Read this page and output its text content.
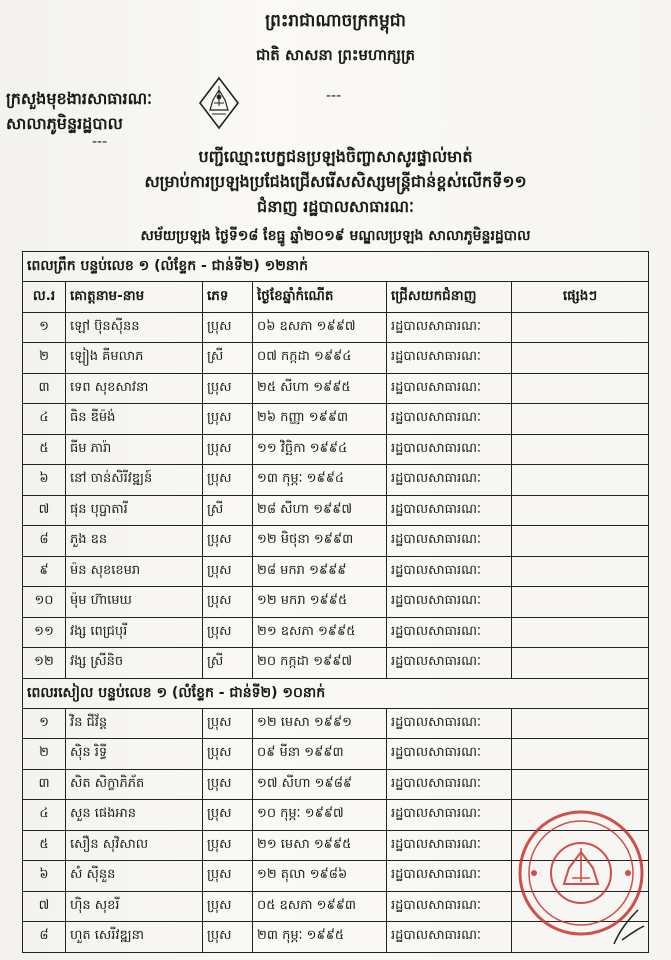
ព្រះរាជាណាចក្រកម្ពុជា
ជាតិ សាសនា ព្រះមហាក្សត្រ
ក្រសួងមុខងារសាធារណៈ
សាលាភូមិន្ទរដ្ឋបាល
---
---
បញ្ជីឈ្មោះបេក្ខជនប្រឡងចិញ្ចាសាសូរផ្ទាល់មាត់
សម្រាប់ការប្រឡងប្រជែងជ្រើសរើសសិស្សមន្ត្រីជាន់ខ្ពស់លើកទី១១
ជំនាញ រដ្ឋបាលសាធារណៈ
សម័យប្រឡង ថ្ងៃទី១៨ ខែធ្នូ ឆ្នាំ២០១៩ មណ្ឌលប្រឡង សាលាភូមិន្ទរដ្ឋបាល
ពេលព្រឹក បន្ទប់លេខ ១ (លំខ្ទែក - ជាន់ទី២) ១២នាក់					
ល.រ	គោត្តនាម-នាម	ភេទ	ថ្ងៃខែឆ្នាំកំណើត	ជ្រើសយកជំនាញ	ផ្សេងៗ
១	ឡៅ ប៊ុនស៊ីនន	ប្រុស	០៦ ឧសភា ១៩៩៧	រដ្ឋបាលសាធារណៈ	
២	ឡៀង គីមលាភ	ស្រី	០៧ កក្កដា ១៩៩៤	រដ្ឋបាលសាធារណៈ	
៣	ទេព សុខសាវនា	ប្រុស	២៥ សីហា ១៩៩៥	រដ្ឋបាលសាធារណៈ	
៤	ធិន ឌីម៉ង់	ប្រុស	២៦ កញ្ញា ១៩៩៣	រដ្ឋបាលសាធារណៈ	
៥	ធីម ភារ៉ា	ប្រុស	១១ វិច្ឆិកា ១៩៩៤	រដ្ឋបាលសាធារណៈ	
៦	នៅ ចាន់សិរីវឌ្ឍន៍	ប្រុស	១៣ កុម្ភៈ ១៩៩៤	រដ្ឋបាលសាធារណៈ	
៧	ផុន បុប្ផាតារី	ស្រី	២៨ សីហា ១៩៩៧	រដ្ឋបាលសាធារណៈ	
៨	ភួង ឧន	ប្រុស	១២ មិថុនា ១៩៩៣	រដ្ឋបាលសាធារណៈ	
៩	ម៉ន សុខខេមរា	ប្រុស	២៨ មករា ១៩៩៩	រដ្ឋបាលសាធារណៈ	
១០	ម៉ុម ហ៊ាមេឃ	ប្រុស	១២ មករា ១៩៩៥	រដ្ឋបាលសាធារណៈ	
១១	វង្ស ពេជ្របុរី	ប្រុស	២១ ឧសភា ១៩៩៥	រដ្ឋបាលសាធារណៈ	
១២	វង្ស ស្រីនិច	ស្រី	២០ កក្កដា ១៩៩៧	រដ្ឋបាលសាធារណៈ	
ពេលរសៀល បន្ទប់លេខ ១ (លំខ្ទែក - ជាន់ទី២) ១០នាក់					
១	វិន ជីវ័ន្ត	ប្រុស	១២ មេសា ១៩៩១	រដ្ឋបាលសាធារណៈ	
២	ស៊ិន រិទ្ធី	ប្រុស	០៩ មីនា ១៩៩៣	រដ្ឋបាលសាធារណៈ	
៣	សិត សិក្ខាភិភ័ត	ប្រុស	១៧ សីហា ១៩៨៩	រដ្ឋបាលសាធារណៈ	
៤	សួន ផេងអាន	ប្រុស	១០ កុម្ភៈ ១៩៩៧	រដ្ឋបាលសាធារណៈ	
៥	សឿន សុវិសាល	ប្រុស	២១ មេសា ១៩៩៥	រដ្ឋបាលសាធារណៈ	
៦	សំ ស៊ីនួន	ប្រុស	១២ តុលា ១៩៨៦	រដ្ឋបាលសាធារណៈ	
៧	ហ៊ិន សុខរី	ប្រុស	០៥ ឧសភា ១៩៩៣	រដ្ឋបាលសាធារណៈ	
៨	ហួត សេរីវឌ្ឍនា	ប្រុស	២៣ កុម្ភៈ ១៩៩៥	រដ្ឋបាលសាធារណៈ	
